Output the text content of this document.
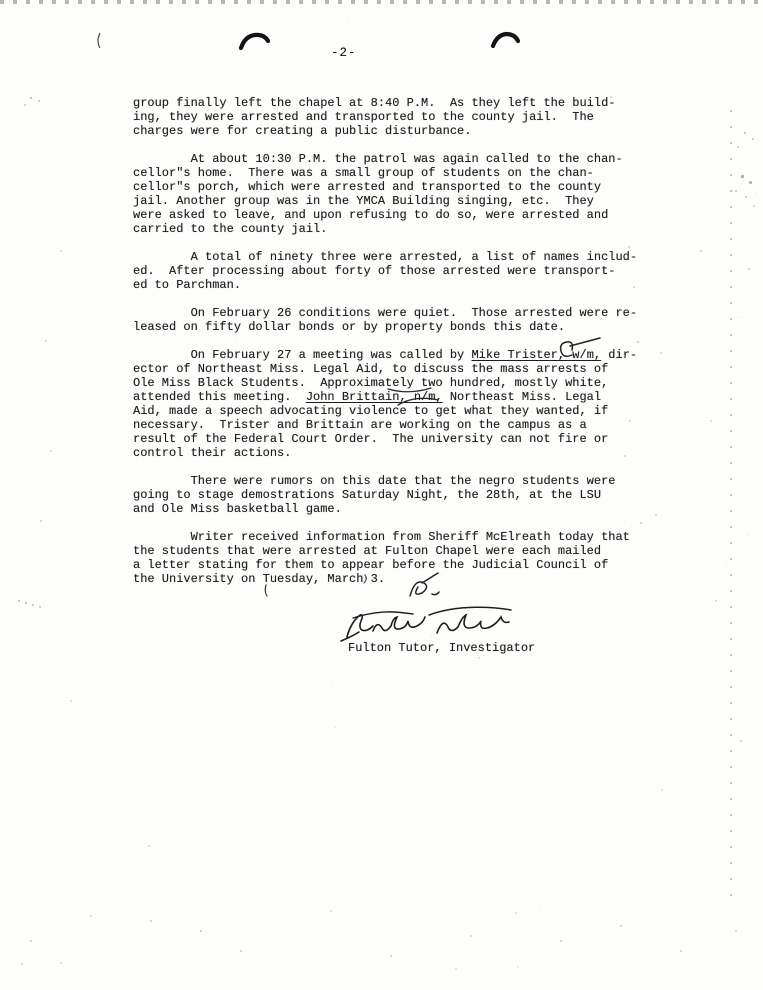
-2-
group finally left the chapel at 8:40 P.M.  As they left the build-
ing, they were arrested and transported to the county jail.  The
charges were for creating a public disturbance.
At about 10:30 P.M. the patrol was again called to the chan-
cellor"s home.  There was a small group of students on the chan-
cellor"s porch, which were arrested and transported to the county
jail. Another group was in the YMCA Building singing, etc.  They
were asked to leave, and upon refusing to do so, were arrested and
carried to the county jail.
A total of ninety three were arrested, a list of names includ-
ed.  After processing about forty of those arrested were transport-
ed to Parchman.
On February 26 conditions were quiet.  Those arrested were re-
leased on fifty dollar bonds or by property bonds this date.
On February 27 a meeting was called by Mike Trister, w/m, dir-
ector of Northeast Miss. Legal Aid, to discuss the mass arrests of
Ole Miss Black Students.  Approximately two hundred, mostly white,
attended this meeting.  John Brittain, n/m, Northeast Miss. Legal
Aid, made a speech advocating violence to get what they wanted, if
necessary.  Trister and Brittain are working on the campus as a
result of the Federal Court Order.  The university can not fire or
control their actions.
There were rumors on this date that the negro students were
going to stage demostrations Saturday Night, the 28th, at the LSU
and Ole Miss basketball game.
Writer received information from Sheriff McElreath today that
the students that were arrested at Fulton Chapel were each mailed
a letter stating for them to appear before the Judicial Council of
the University on Tuesday, March 3.
Fulton Tutor, Investigator
